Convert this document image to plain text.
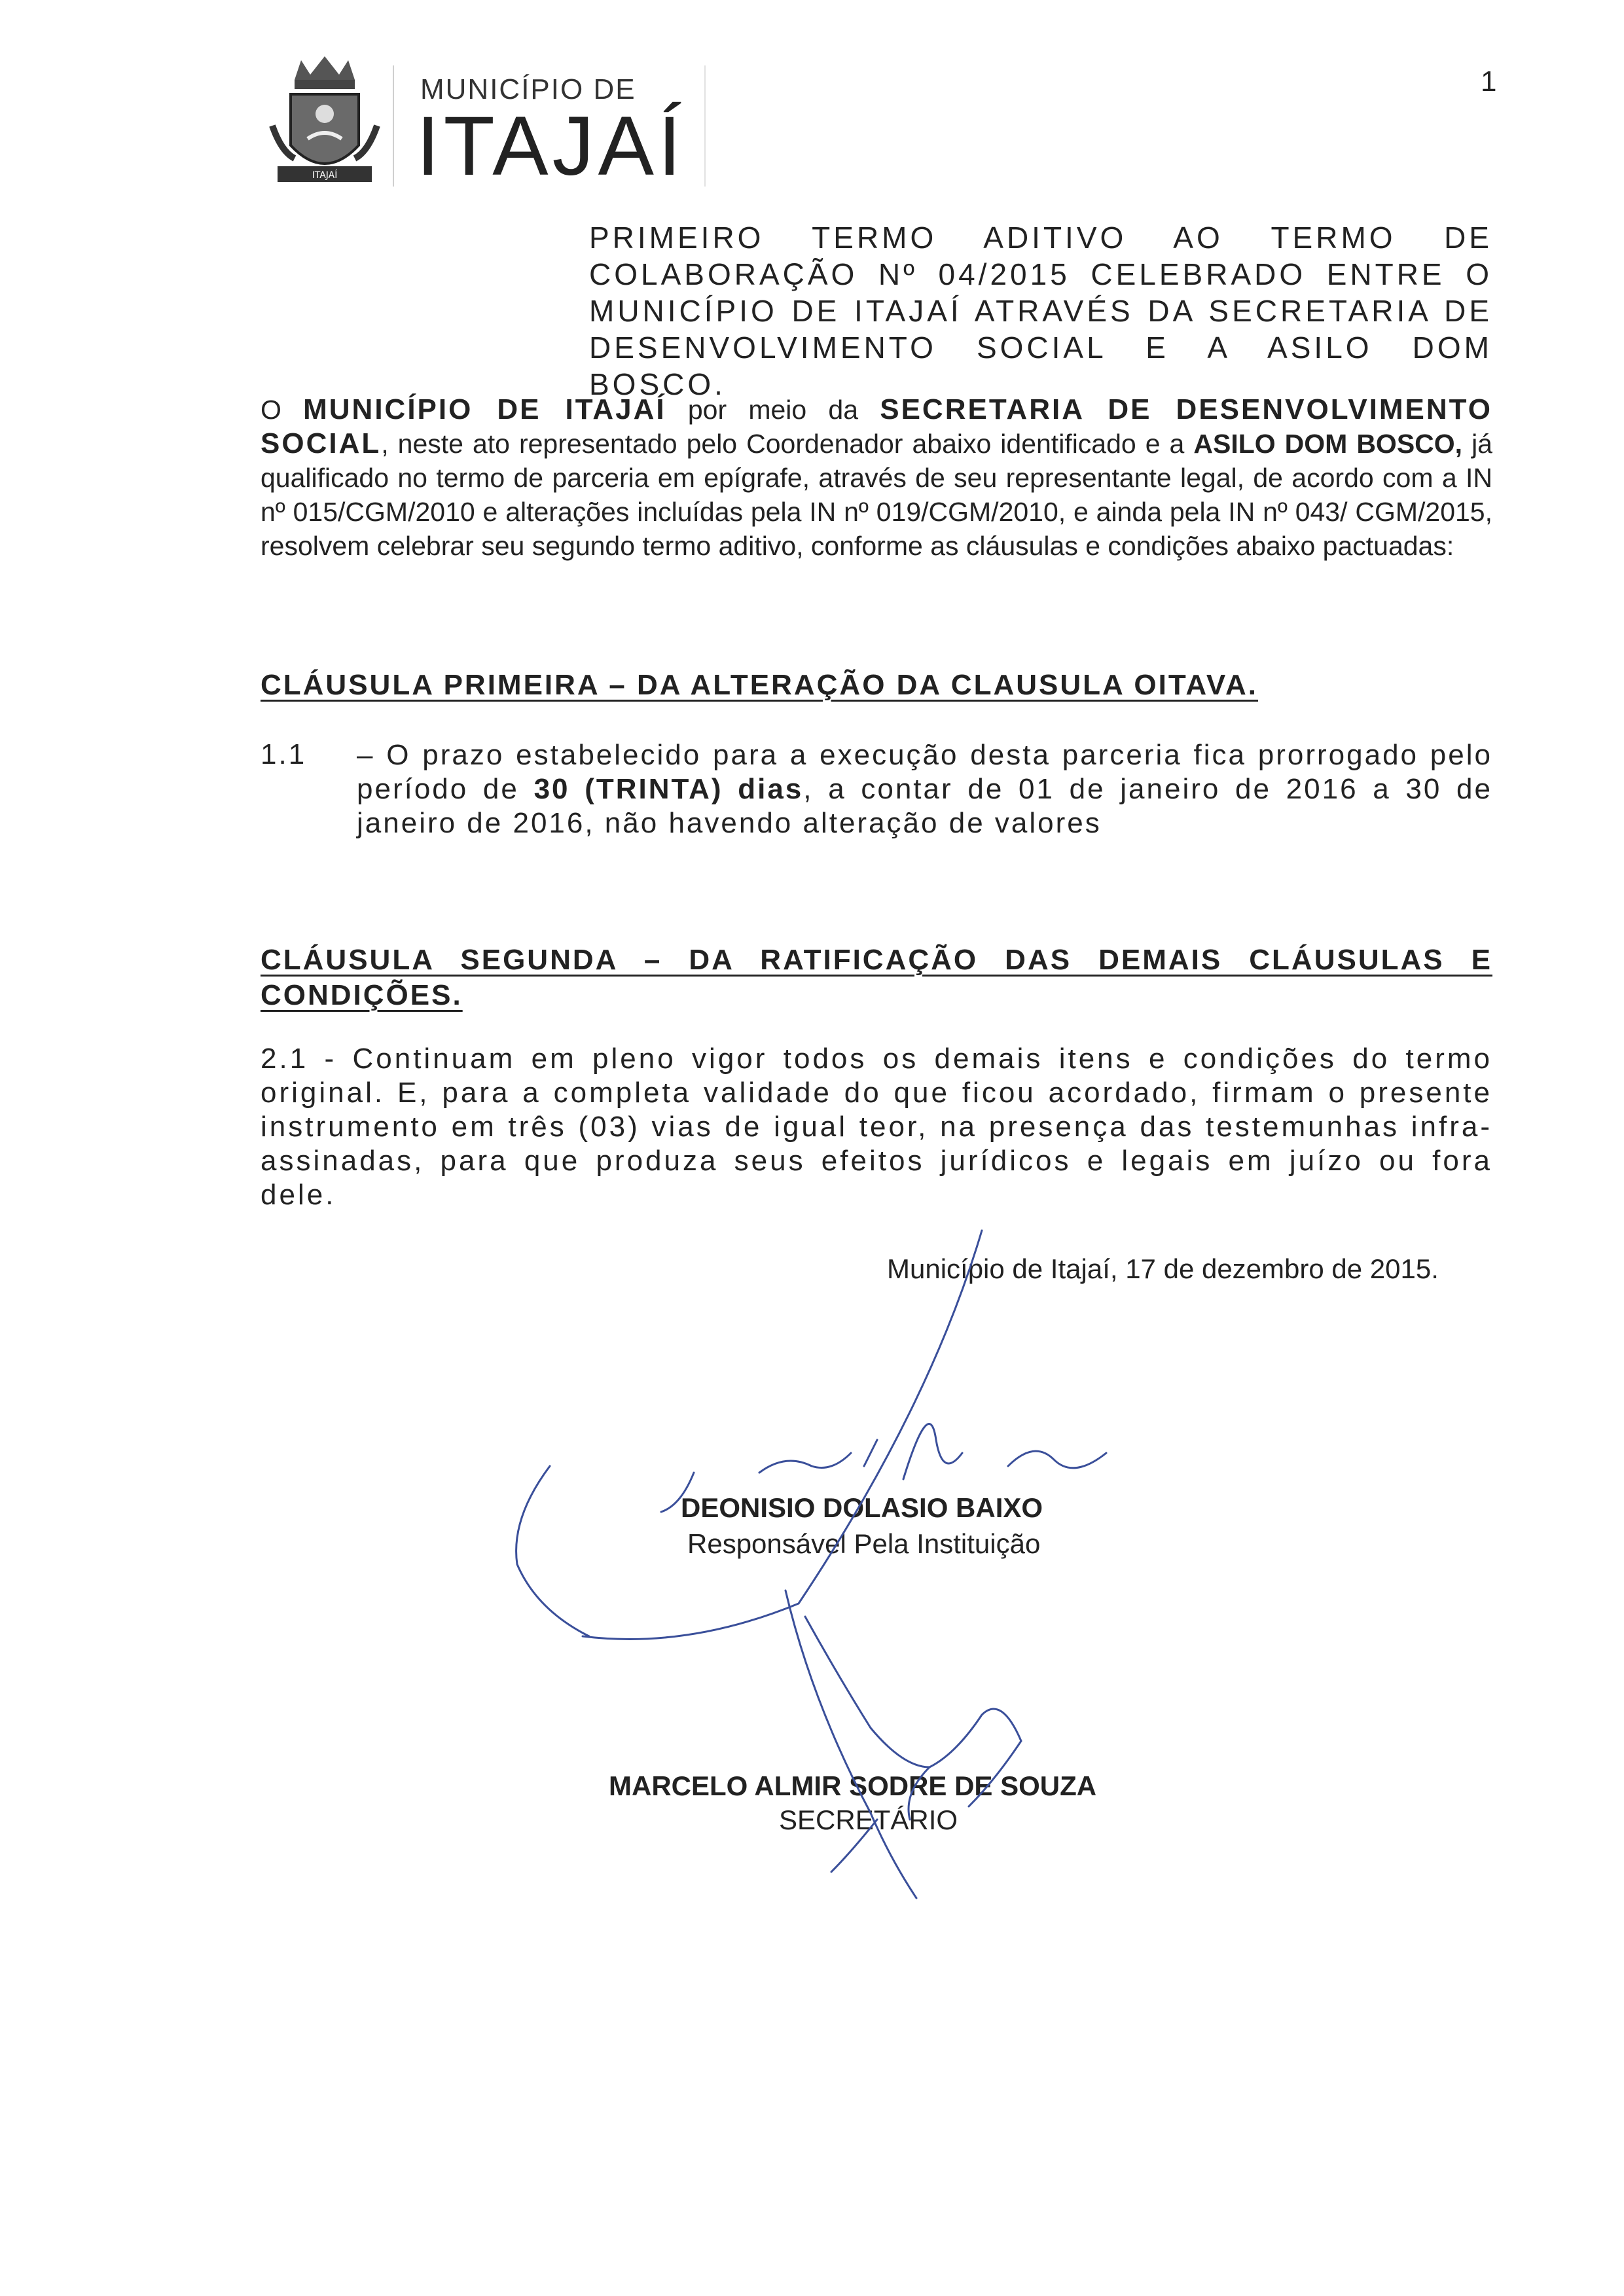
ITAJAÍ
MUNICÍPIO DE
ITAJAÍ
1
PRIMEIRO TERMO ADITIVO AO TERMO DE
COLABORAÇÃO Nº 04/2015 CELEBRADO ENTRE O
MUNICÍPIO DE ITAJAÍ ATRAVÉS DA SECRETARIA DE
DESENVOLVIMENTO SOCIAL E A ASILO DOM BOSCO.
O MUNICÍPIO DE ITAJAÍ por meio da SECRETARIA DE DESENVOLVIMENTO SOCIAL, neste ato representado pelo Coordenador abaixo identificado e a ASILO DOM BOSCO, já qualificado no termo de parceria em epígrafe, através de seu representante legal, de acordo com a IN nº 015/CGM/2010 e alterações incluídas pela IN nº 019/CGM/2010, e ainda pela IN nº 043/ CGM/2015, resolvem celebrar seu segundo termo aditivo, conforme as cláusulas e condições abaixo pactuadas:
CLÁUSULA PRIMEIRA – DA ALTERAÇÃO DA CLAUSULA OITAVA.
1.1 – O prazo estabelecido para a execução desta parceria fica prorrogado pelo período de 30 (TRINTA) dias, a contar de 01 de janeiro de 2016 a 30 de janeiro de 2016, não havendo alteração de valores
CLÁUSULA SEGUNDA – DA RATIFICAÇÃO DAS DEMAIS CLÁUSULAS E
CONDIÇÕES.
2.1 - Continuam em pleno vigor todos os demais itens e condições do termo original. E, para a completa validade do que ficou acordado, firmam o presente instrumento em três (03) vias de igual teor, na presença das testemunhas infra-assinadas, para que produza seus efeitos jurídicos e legais em juízo ou fora dele.
Município de Itajaí, 17 de dezembro de 2015.
DEONISIO DOLASIO BAIXO
Responsável Pela Instituição
MARCELO ALMIR SODRE DE SOUZA
SECRETÁRIO
